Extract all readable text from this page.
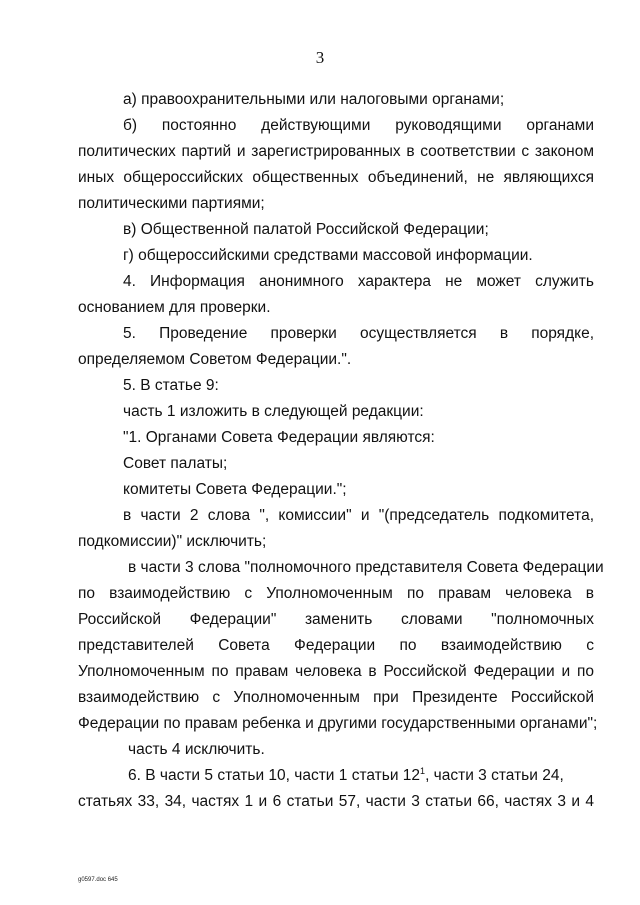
3
а) правоохранительными или налоговыми органами;
б) постоянно действующими руководящими органами
политических партий и зарегистрированных в соответствии с законом
иных общероссийских общественных объединений, не являющихся
политическими партиями;
в) Общественной палатой Российской Федерации;
г) общероссийскими средствами массовой информации.
4. Информация анонимного характера не может служить
основанием для проверки.
5. Проведение проверки осуществляется в порядке,
определяемом Советом Федерации.".
5. В статье 9:
часть 1 изложить в следующей редакции:
"1. Органами Совета Федерации являются:
Совет палаты;
комитеты Совета Федерации.";
в части 2 слова ", комиссии" и "(председатель подкомитета,
подкомиссии)" исключить;
в части 3 слова "полномочного представителя Совета Федерации
по взаимодействию с Уполномоченным по правам человека в
Российской Федерации" заменить словами "полномочных
представителей Совета Федерации по взаимодействию с
Уполномоченным по правам человека в Российской Федерации и по
взаимодействию с Уполномоченным при Президенте Российской
Федерации по правам ребенка и другими государственными органами";
часть 4 исключить.
6. В части 5 статьи 10, части 1 статьи $12^1$, части 3 статьи 24,
статьях 33, 34, частях 1 и 6 статьи 57, части 3 статьи 66, частях 3 и 4
g0597.doc 645
